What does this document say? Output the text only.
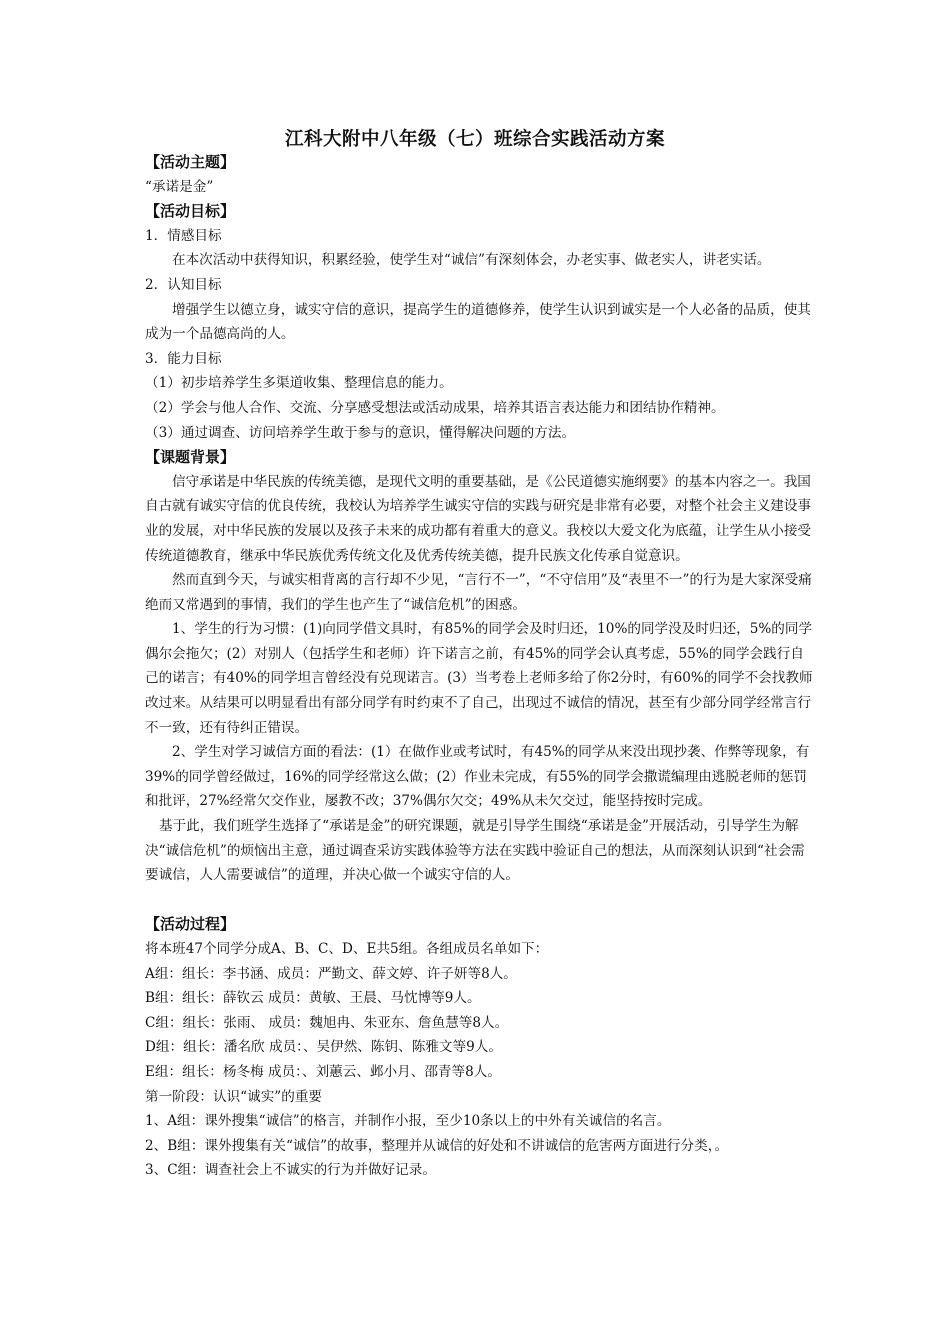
江科大附中八年级（七）班综合实践活动方案

【活动主题】

“承诺是金”

【活动目标】

1．情感目标

在本次活动中获得知识，积累经验，使学生对“诚信”有深刻体会，办老实事、做老实人，讲老实话。

2．认知目标

增强学生以德立身，诚实守信的意识，提高学生的道德修养，使学生认识到诚实是一个人必备的品质，使其成为一个品德高尚的人。

3．能力目标

（1）初步培养学生多渠道收集、整理信息的能力。

（2）学会与他人合作、交流、分享感受想法或活动成果，培养其语言表达能力和团结协作精神。

（3）通过调查、访问培养学生敢于参与的意识，懂得解决问题的方法。

【课题背景】

信守承诺是中华民族的传统美德，是现代文明的重要基础，是《公民道德实施纲要》的基本内容之一。我国自古就有诚实守信的优良传统，我校认为培养学生诚实守信的实践与研究是非常有必要，对整个社会主义建设事业的发展，对中华民族的发展以及孩子未来的成功都有着重大的意义。我校以大爱文化为底蕴，让学生从小接受传统道德教育，继承中华民族优秀传统文化及优秀传统美德，提升民族文化传承自觉意识。

然而直到今天，与诚实相背离的言行却不少见，“言行不一”，“不守信用”及“表里不一”的行为是大家深受痛绝而又常遇到的事情，我们的学生也产生了“诚信危机”的困惑。

1、学生的行为习惯：(1)向同学借文具时，有85%的同学会及时归还，10%的同学没及时归还，5%的同学偶尔会拖欠；(2）对别人（包括学生和老师）许下诺言之前，有45%的同学会认真考虑，55%的同学会践行自己的诺言；有40%的同学坦言曾经没有兑现诺言。(3）当考卷上老师多给了你2分时，有60%的同学不会找教师改过来。从结果可以明显看出有部分同学有时约束不了自己，出现过不诚信的情况，甚至有少部分同学经常言行不一致，还有待纠正错误。

2、学生对学习诚信方面的看法：(1）在做作业或考试时，有45%的同学从来没出现抄袭、作弊等现象，有39%的同学曾经做过，16%的同学经常这么做；(2）作业未完成，有55%的同学会撒谎编理由逃脱老师的惩罚和批评，27%经常欠交作业，屡教不改；37%偶尔欠交；49%从未欠交过，能坚持按时完成。

基于此，我们班学生选择了“承诺是金”的研究课题，就是引导学生围绕“承诺是金”开展活动，引导学生为解决“诚信危机”的烦恼出主意，通过调查采访实践体验等方法在实践中验证自己的想法，从而深刻认识到“社会需要诚信，人人需要诚信”的道理，并决心做一个诚实守信的人。

【活动过程】

将本班47个同学分成A、B、C、D、E共5组。各组成员名单如下：

A组：组长：李书涵、成员：严勤文、薛文婷、许子妍等8人。

B组：组长：薛钦云 成员：黄敏、王晨、马忱博等9人。

C组：组长：张雨、 成员：魏旭冉、朱亚东、詹鱼慧等8人。

D组：组长：潘名欣 成员：、吴伊然、陈钥、陈雅文等9人。

E组：组长：杨冬梅 成员：、刘蕙云、邺小月、邵青等8人。

第一阶段：认识“诚实”的重要

1、A组：课外搜集“诚信”的格言，并制作小报，至少10条以上的中外有关诚信的名言。

2、B组：课外搜集有关“诚信”的故事，整理并从诚信的好处和不讲诚信的危害两方面进行分类，。

3、C组：调查社会上不诚实的行为并做好记录。
